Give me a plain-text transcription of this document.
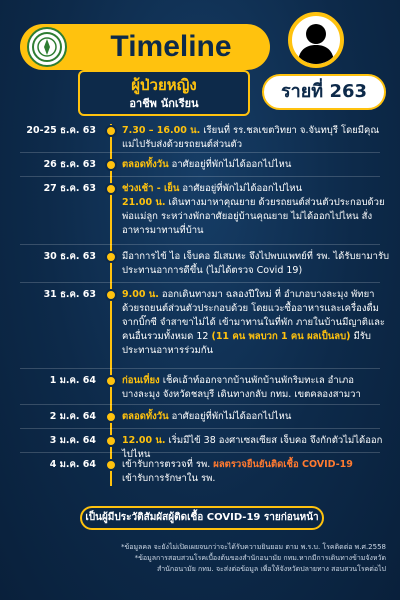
Timeline
ผู้ป่วยหญิง
อาชีพ นักเรียน
รายที่ 263
20-25 ธ.ค. 63	7.30 – 16.00 น. เรียนที่ รร.ชลเขตวิทยา จ.จันทบุรี โดยมีคุณแม่ไปรับส่งด้วยรถยนต์ส่วนตัว
26 ธ.ค. 63	ตลอดทั้งวัน อาศัยอยู่ที่พักไม่ได้ออกไปไหน
27 ธ.ค. 63	ช่วงเช้า - เย็น อาศัยอยู่ที่พักไม่ได้ออกไปไหน
21.00 น. เดินทางมาหาคุณยาย ด้วยรถยนต์ส่วนตัวประกอบด้วย พ่อแม่ลูก ระหว่างพักอาศัยอยู่บ้านคุณยาย ไม่ได้ออกไปไหน สั่งอาหารมาทานที่บ้าน
30 ธ.ค. 63	มีอาการไข้ ไอ เจ็บคอ มีเสมหะ จึงไปพบแพทย์ที่ รพ. ได้รับยามารับประทานอาการดีขึ้น (ไม่ได้ตรวจ Covid 19)
31 ธ.ค. 63	9.00 น. ออกเดินทางมา ฉลองปีใหม่ ที่ อำเภอบางละมุง พัทยา ด้วยรถยนต์ส่วนตัวประกอบด้วย โดยแวะซื้ออาหารและเครื่องดื่ม จากบิ๊กซี จำสาขาไม่ได้ เข้ามาทานในที่พัก ภายในบ้านมีญาติและ คนอื่นรวมทั้งหมด 12 (11 คน พลบวก 1 คน ผลเป็นลบ) มีรับประทานอาหารร่วมกัน
1 ม.ค. 64	ก่อนเที่ยง เช็คเอ้าท์ออกจากบ้านพักบ้านพักริมทะเล อำเภอบางละมุง จังหวัดชลบุรี เดินทางกลับ กทม. เขตคลองสามวา
2 ม.ค. 64	ตลอดทั้งวัน อาศัยอยู่ที่พักไม่ได้ออกไปไหน
3 ม.ค. 64	12.00 น. เริ่มมีไข้ 38 องศาเซลเซียส เจ็บคอ จึงกักตัวไม่ได้ออกไปไหน
4 ม.ค. 64	เข้ารับการตรวจที่ รพ. ผลตรวจยืนยันติดเชื้อ COVID-19
เข้ารับการรักษาใน รพ.
เป็นผู้มีประวัติสัมผัสผู้ติดเชื้อ COVID-19 รายก่อนหน้า
*ข้อมูลคล จะยังไม่เปิดเผยจนกว่าจะได้รับความยินยอม ตาม พ.ร.บ. โรคติดต่อ พ.ศ.2558
*ข้อมูลการสอบสวนโรคเบื้องต้นของสำนักอนามัย กทม.หากมีการเดินทางข้ามจังหวัด
สำนักอนามัย กทม. จะส่งต่อข้อมูล เพื่อให้จังหวัดปลายทาง สอบสวนโรคต่อไป
